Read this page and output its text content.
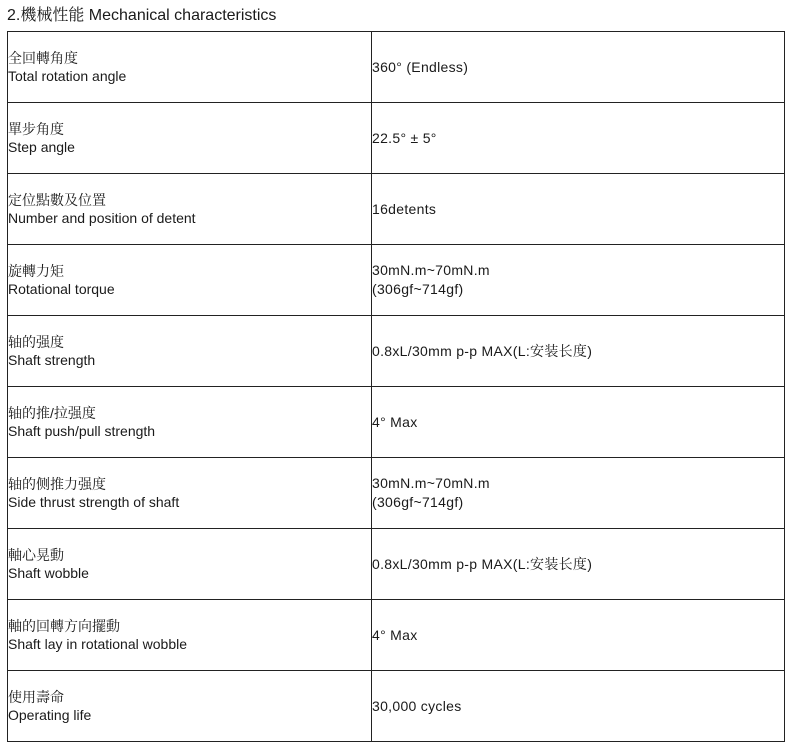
2.機械性能 Mechanical characteristics
全回轉角度
Total rotation angle	360° (Endless)

單步角度
Step angle	22.5° ± 5°

定位點數及位置
Number and position of detent	16detents

旋轉力矩
Rotational torque	30mN.m~70mN.m
(306gf~714gf)

轴的强度
Shaft strength	0.8xL/30mm p-p MAX(L:安装长度)

轴的推/拉强度
Shaft push/pull strength	4° Max

轴的侧推力强度
Side thrust strength of shaft	30mN.m~70mN.m
(306gf~714gf)

軸心晃動
Shaft wobble	0.8xL/30mm p-p MAX(L:安装长度)

軸的回轉方向擺動
Shaft lay in rotational wobble	4° Max

使用壽命
Operating life	30,000 cycles
